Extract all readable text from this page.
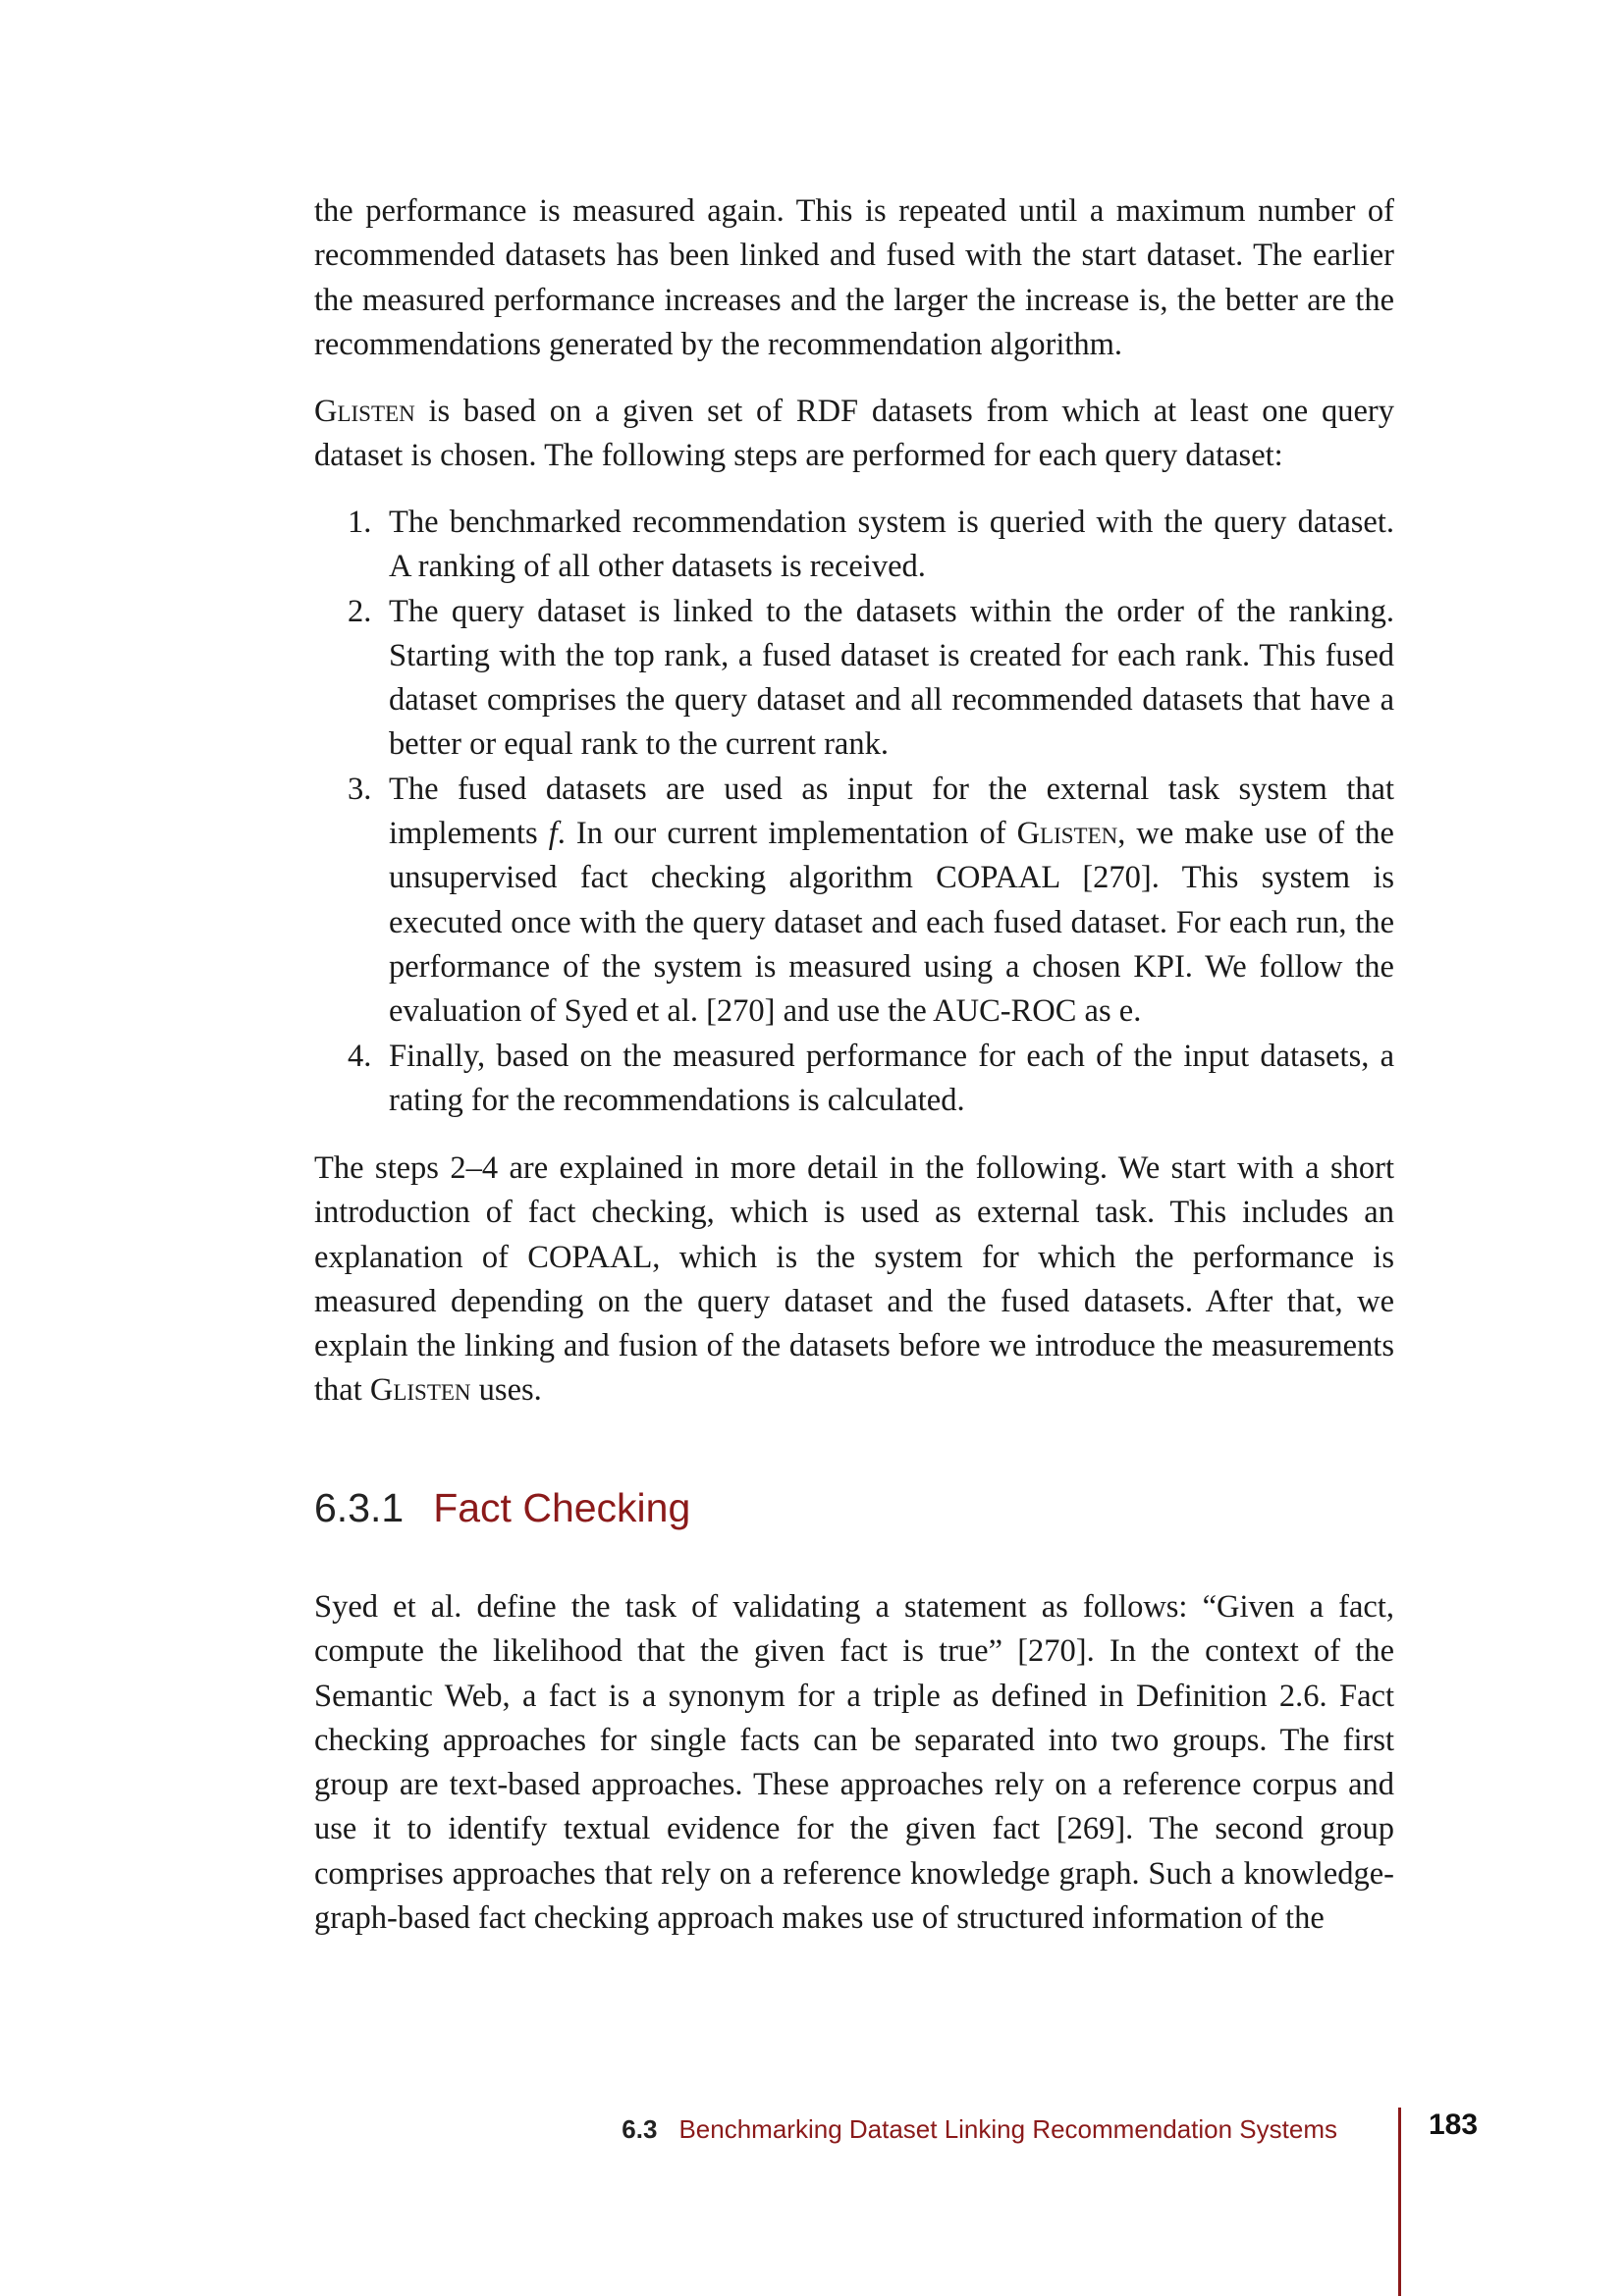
the performance is measured again. This is repeated until a maximum number of recommended datasets has been linked and fused with the start dataset. The earlier the measured performance increases and the larger the increase is, the better are the recommendations generated by the recommendation algorithm.

Glisten is based on a given set of RDF datasets from which at least one query dataset is chosen. The following steps are performed for each query dataset:

1. The benchmarked recommendation system is queried with the query dataset. A ranking of all other datasets is received.
2. The query dataset is linked to the datasets within the order of the ranking. Starting with the top rank, a fused dataset is created for each rank. This fused dataset comprises the query dataset and all recommended datasets that have a better or equal rank to the current rank.
3. The fused datasets are used as input for the external task system that implements f. In our current implementation of Glisten, we make use of the unsupervised fact checking algorithm COPAAL [270]. This system is executed once with the query dataset and each fused dataset. For each run, the performance of the system is measured using a chosen KPI. We follow the evaluation of Syed et al. [270] and use the AUC-ROC as e.
4. Finally, based on the measured performance for each of the input datasets, a rating for the recommendations is calculated.

The steps 2–4 are explained in more detail in the following. We start with a short introduction of fact checking, which is used as external task. This includes an explanation of COPAAL, which is the system for which the performance is measured depending on the query dataset and the fused datasets. After that, we explain the linking and fusion of the datasets before we introduce the measurements that Glisten uses.

6.3.1 Fact Checking

Syed et al. define the task of validating a statement as follows: “Given a fact, compute the likelihood that the given fact is true” [270]. In the context of the Semantic Web, a fact is a synonym for a triple as defined in Definition 2.6. Fact checking approaches for single facts can be separated into two groups. The first group are text-based approaches. These approaches rely on a reference corpus and use it to identify textual evidence for the given fact [269]. The second group comprises approaches that rely on a reference knowledge graph. Such a knowledge-graph-based fact checking approach makes use of structured information of the

6.3 Benchmarking Dataset Linking Recommendation Systems	183
